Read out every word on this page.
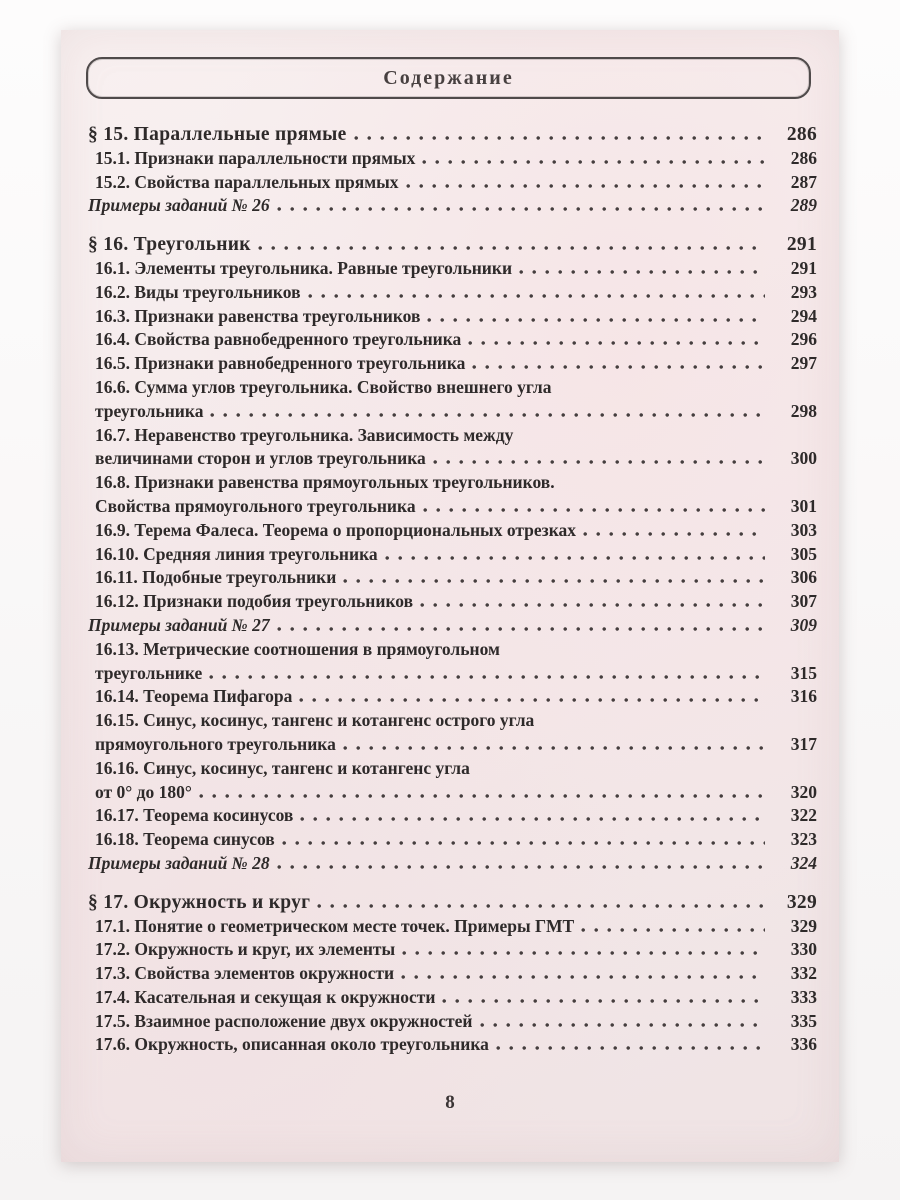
Содержание
§ 15. Параллельные прямые	286
15.1. Признаки параллельности прямых	286
15.2. Свойства параллельных прямых	287
Примеры заданий № 26	289
§ 16. Треугольник	291
16.1. Элементы треугольника. Равные треугольники	291
16.2. Виды треугольников	293
16.3. Признаки равенства треугольников	294
16.4. Свойства равнобедренного треугольника	296
16.5. Признаки равнобедренного треугольника	297
16.6. Сумма углов треугольника. Свойство внешнего угла
треугольника	298
16.7. Неравенство треугольника. Зависимость между
величинами сторон и углов треугольника	300
16.8. Признаки равенства прямоугольных треугольников.
Свойства прямоугольного треугольника	301
16.9. Терема Фалеса. Теорема о пропорциональных отрезках	303
16.10. Средняя линия треугольника	305
16.11. Подобные треугольники	306
16.12. Признаки подобия треугольников	307
Примеры заданий № 27	309
16.13. Метрические соотношения в прямоугольном
треугольнике	315
16.14. Теорема Пифагора	316
16.15. Синус, косинус, тангенс и котангенс острого угла
прямоугольного треугольника	317
16.16. Синус, косинус, тангенс и котангенс угла
от 0° до 180°	320
16.17. Теорема косинусов	322
16.18. Теорема синусов	323
Примеры заданий № 28	324
§ 17. Окружность и круг	329
17.1. Понятие о геометрическом месте точек. Примеры ГМТ	329
17.2. Окружность и круг, их элементы	330
17.3. Свойства элементов окружности	332
17.4. Касательная и секущая к окружности	333
17.5. Взаимное расположение двух окружностей	335
17.6. Окружность, описанная около треугольника	336
8
